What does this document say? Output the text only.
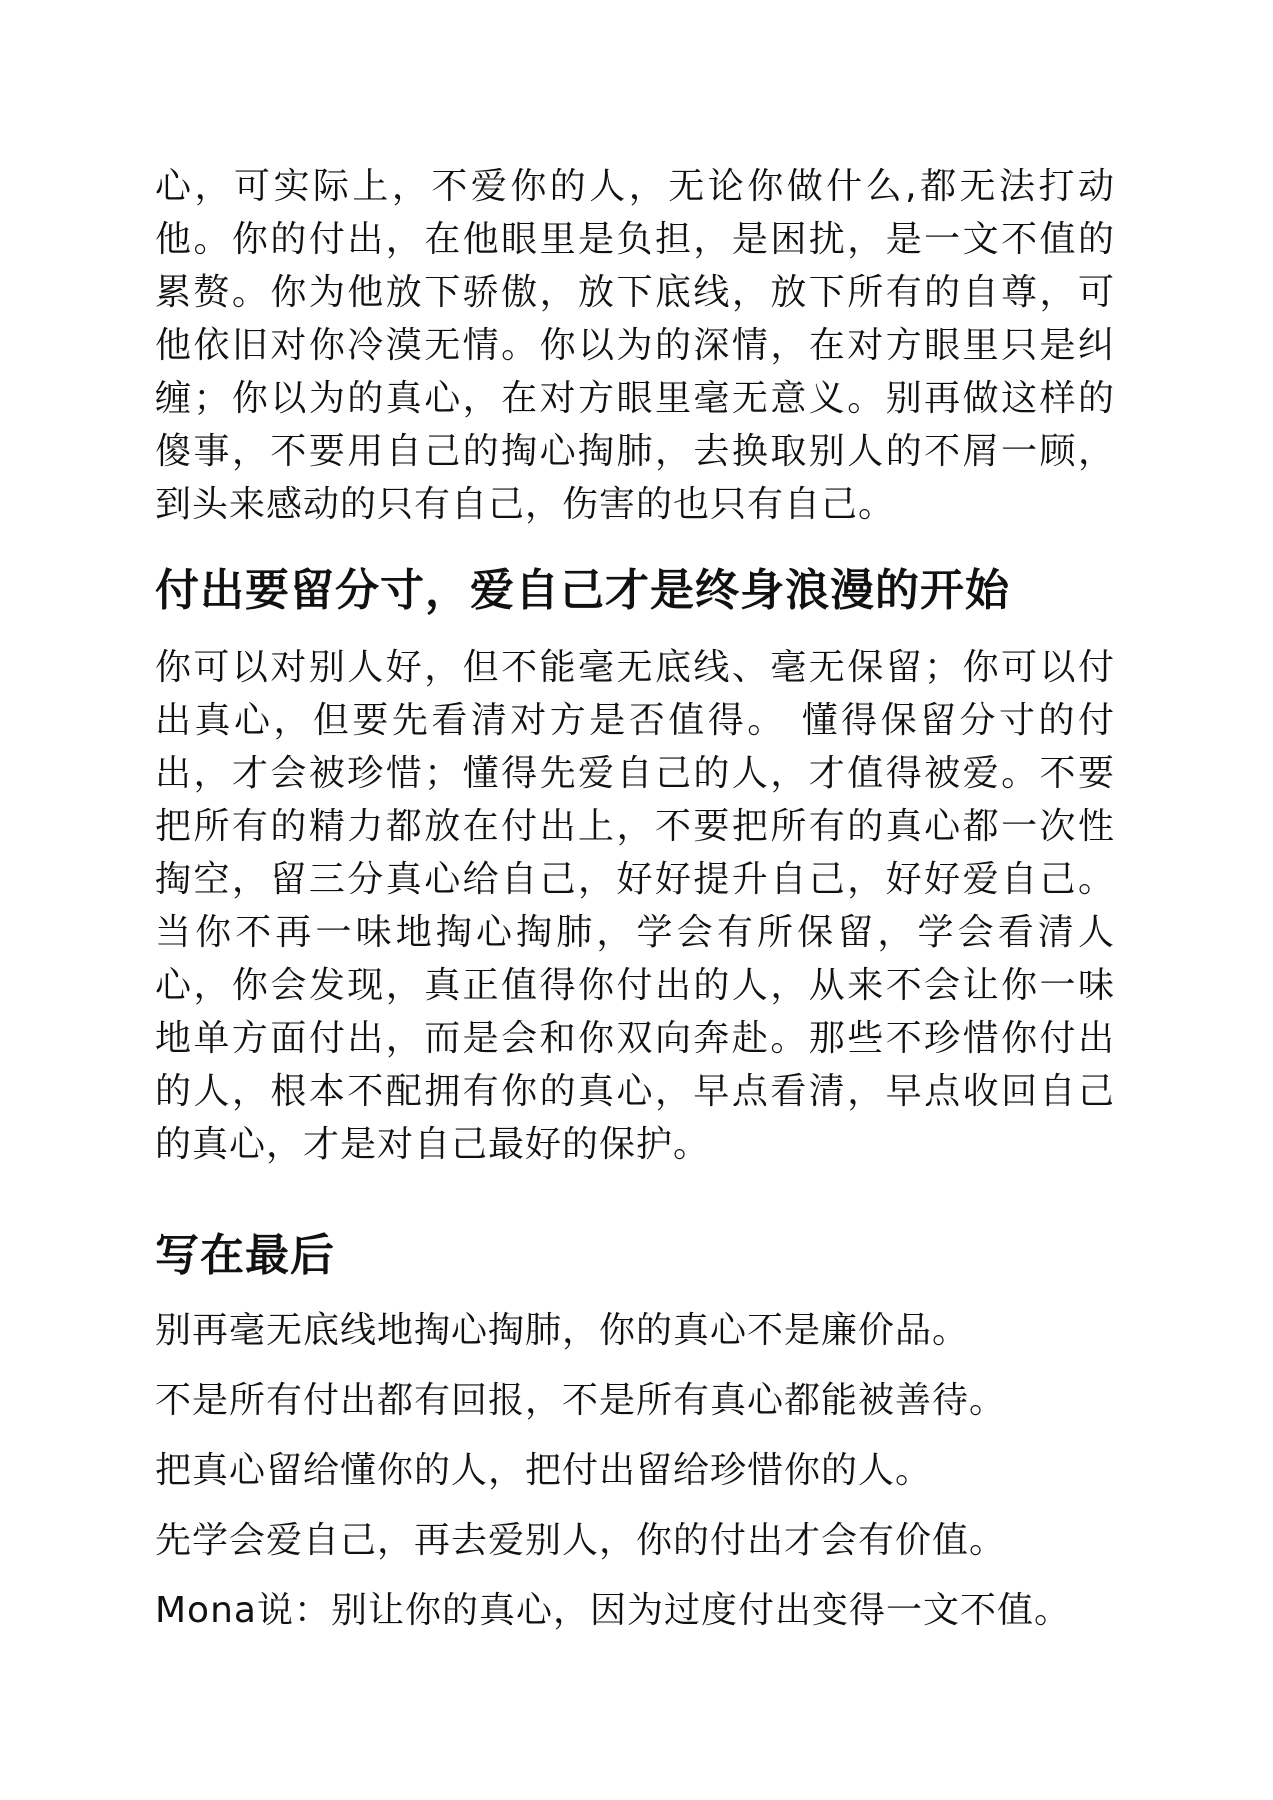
心，可实际上，不爱你的人，无论你做什么,都无法打动他。你的付出，在他眼里是负担，是困扰，是一文不值的累赘。你为他放下骄傲，放下底线，放下所有的自尊，可他依旧对你冷漠无情。你以为的深情，在对方眼里只是纠缠；你以为的真心，在对方眼里毫无意义。别再做这样的傻事，不要用自己的掏心掏肺，去换取别人的不屑一顾，到头来感动的只有自己，伤害的也只有自己。

付出要留分寸，爱自己才是终身浪漫的开始

你可以对别人好，但不能毫无底线、毫无保留；你可以付出真心，但要先看清对方是否值得。 懂得保留分寸的付出，才会被珍惜；懂得先爱自己的人，才值得被爱。不要把所有的精力都放在付出上，不要把所有的真心都一次性掏空，留三分真心给自己，好好提升自己，好好爱自己。当你不再一味地掏心掏肺，学会有所保留，学会看清人心，你会发现，真正值得你付出的人，从来不会让你一味地单方面付出，而是会和你双向奔赴。那些不珍惜你付出的人，根本不配拥有你的真心，早点看清，早点收回自己的真心，才是对自己最好的保护。

写在最后

别再毫无底线地掏心掏肺，你的真心不是廉价品。

不是所有付出都有回报，不是所有真心都能被善待。

把真心留给懂你的人，把付出留给珍惜你的人。

先学会爱自己，再去爱别人，你的付出才会有价值。

Mona说：别让你的真心，因为过度付出变得一文不值。
